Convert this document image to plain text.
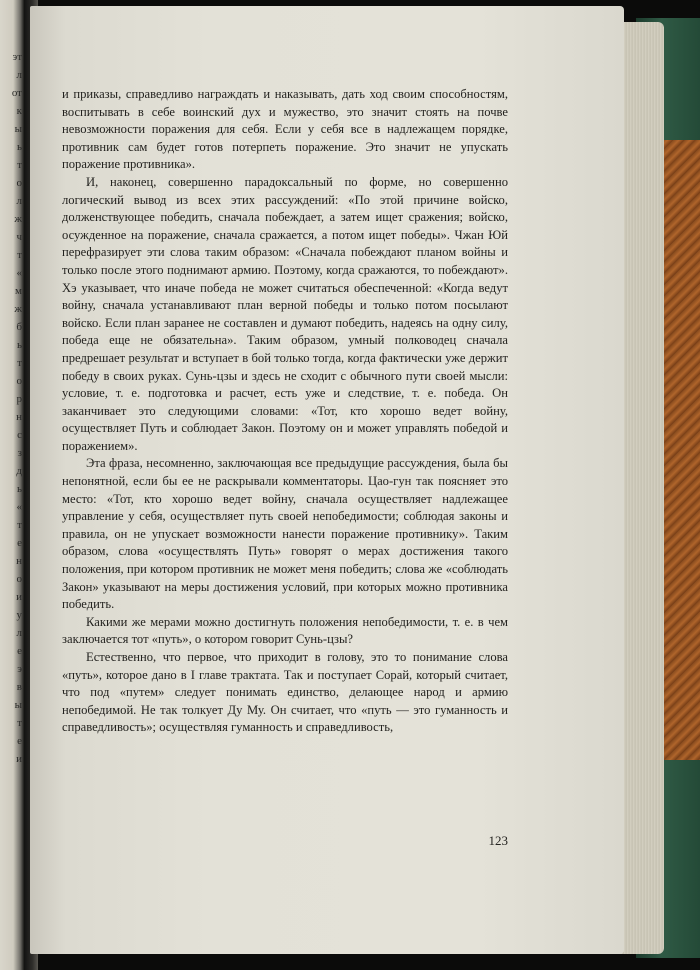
эт
л
от
к
ы
ь
т
о
л
ж
ч
т
«
м
ж
б
ь
т
о
р
н
с
з
д
ь
«
т
е
н
о
и
у
л
е
э
в
ы
т
е
и

и приказы, справедливо награждать и наказывать, дать ход своим способностям, воспитывать в себе воинский дух и мужество, это значит стоять на почве невозможности поражения для себя. Если у себя все в надлежащем порядке, противник сам будет готов потерпеть поражение. Это значит не упускать поражение противника».

И, наконец, совершенно парадоксальный по форме, но совершенно логический вывод из всех этих рассуждений: «По этой причине войско, долженствующее победить, сначала побеждает, а затем ищет сражения; войско, осужденное на поражение, сначала сражается, а потом ищет победы». Чжан Юй перефразирует эти слова таким образом: «Сначала побеждают планом войны и только после этого поднимают армию. Поэтому, когда сражаются, то побеждают». Хэ указывает, что иначе победа не может считаться обеспеченной: «Когда ведут войну, сначала устанавливают план верной победы и только потом посылают войско. Если план заранее не составлен и думают победить, надеясь на одну силу, победа еще не обязательна». Таким образом, умный полководец сначала предрешает результат и вступает в бой только тогда, когда фактически уже держит победу в своих руках. Сунь-цзы и здесь не сходит с обычного пути своей мысли: условие, т. е. подготовка и расчет, есть уже и следствие, т. е. победа. Он заканчивает это следующими словами: «Тот, кто хорошо ведет войну, осуществляет Путь и соблюдает Закон. Поэтому он и может управлять победой и поражением».

Эта фраза, несомненно, заключающая все предыдущие рассуждения, была бы непонятной, если бы ее не раскрывали комментаторы. Цао-гун так поясняет это место: «Тот, кто хорошо ведет войну, сначала осуществляет надлежащее управление у себя, осуществляет путь своей непобедимости; соблюдая законы и правила, он не упускает возможности нанести поражение противнику». Таким образом, слова «осуществлять Путь» говорят о мерах достижения такого положения, при котором противник не может меня победить; слова же «соблюдать Закон» указывают на меры достижения условий, при которых можно противника победить.

Какими же мерами можно достигнуть положения непобедимости, т. е. в чем заключается тот «путь», о котором говорит Сунь-цзы?

Естественно, что первое, что приходит в голову, это то понимание слова «путь», которое дано в I главе трактата. Так и поступает Сорай, который считает, что под «путем» следует понимать единство, делающее народ и армию непобедимой. Не так толкует Ду Му. Он считает, что «путь — это гуманность и справедливость»; осуществляя гуманность и справедливость,

123
